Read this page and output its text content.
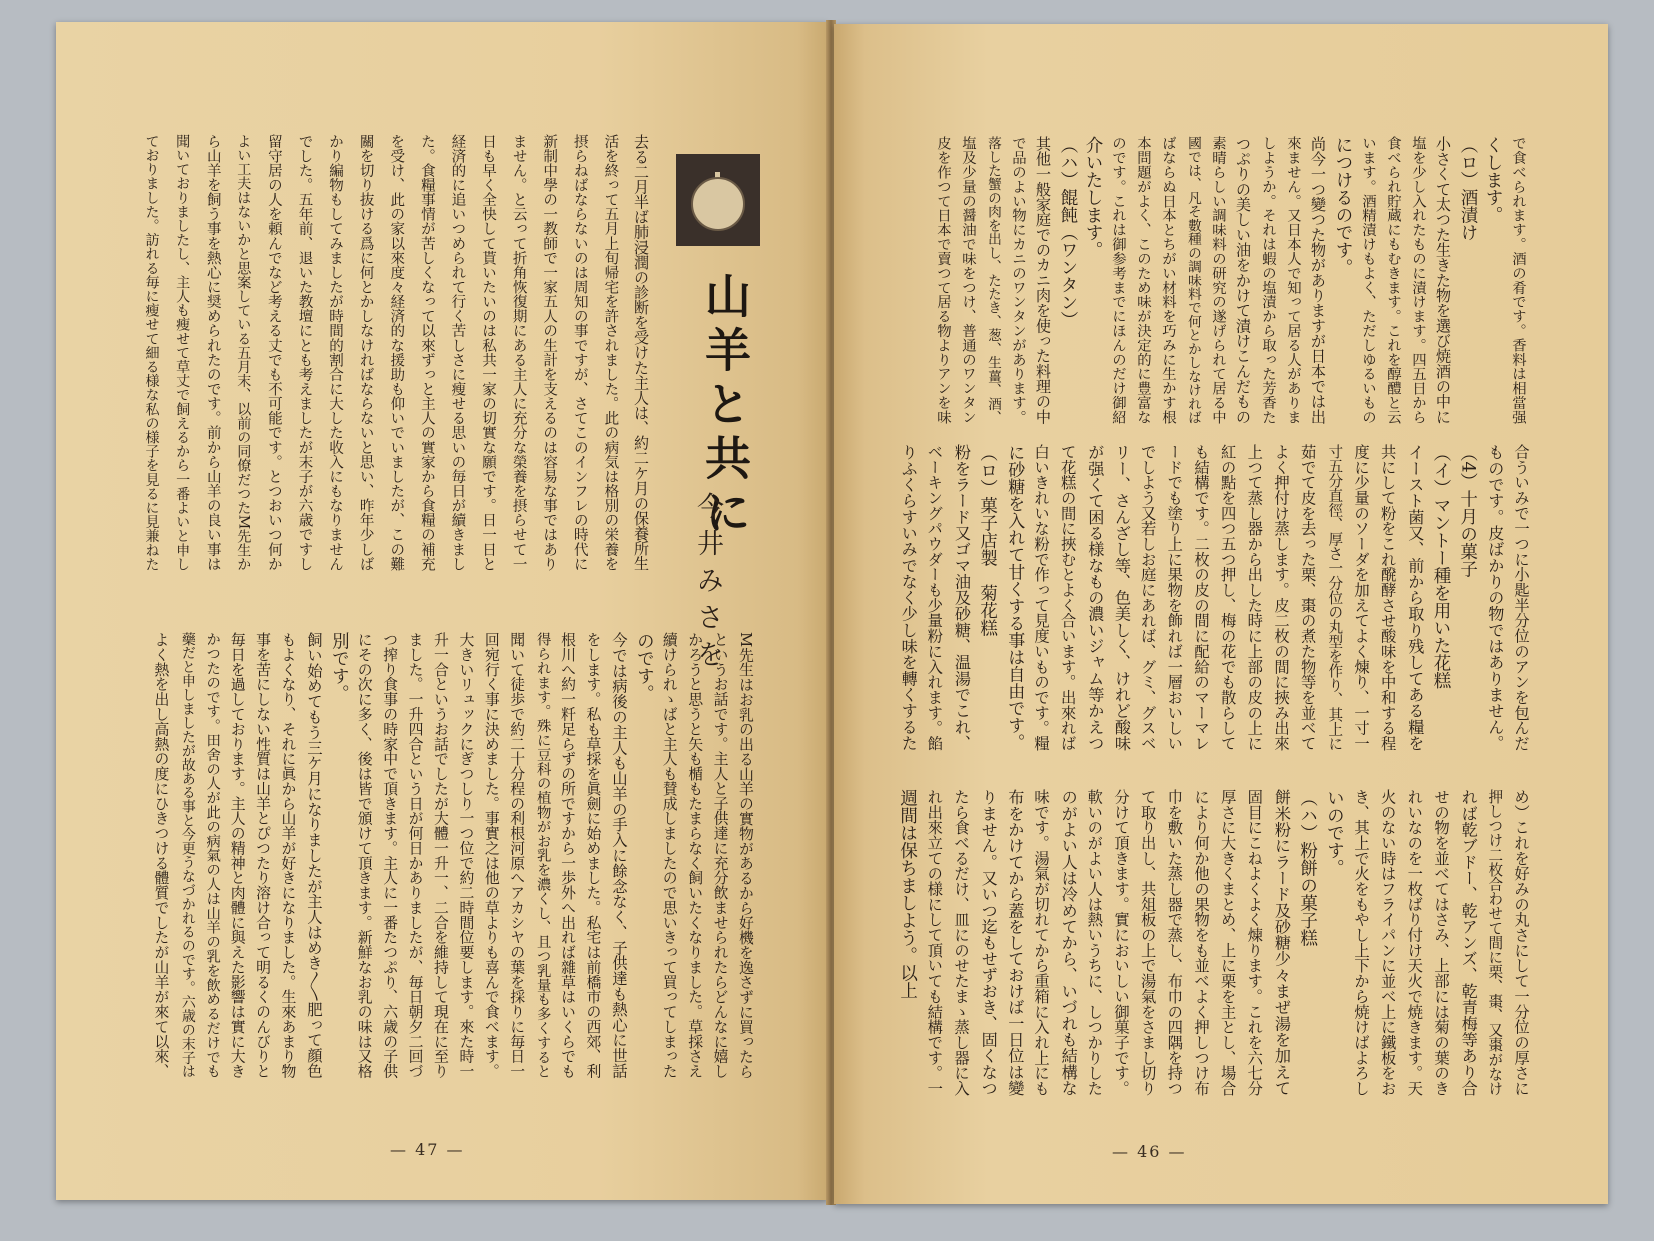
山羊と共に
今井みさを
去る二月半ば肺浸潤の診断を受けた主人は、約二ケ月の保養所生
活を終って五月上旬帰宅を許されました。此の病気は格別の栄養を
摂らねばならないのは周知の事ですが、さてこのインフレの時代に
新制中學の一教師で一家五人の生計を支えるのは容易な事ではあり
ません。と云って折角恢復期にある主人に充分な榮養を摂らせて一
日も早く全快して貰いたいのは私共一家の切實な願です。日一日と
経済的に追いつめられて行く苦しさに瘦せる思いの毎日が續きまし
た。食糧事情が苦しくなって以來ずっと主人の實家から食糧の補充
を受け、此の家以來度々経済的な援助も仰いでいましたが、この難
關を切り抜ける爲に何とかしなければならないと思い、昨年少しば
かり編物もしてみましたが時間的割合に大した收入にもなりません
でした。五年前、退いた教壇にとも考えましたが末子が六歳ですし
留守居の人を頼んでなど考える丈でも不可能です。とつおいつ何か
よい工夫はないかと思案している五月末、以前の同僚だつたM先生か
ら山羊を飼う事を熱心に奨められたのです。前から山羊の良い事は
聞いておりましたし、主人も瘦せて草丈で飼えるから一番よいと申し
ておりました。訪れる毎に瘦せて細る様な私の様子を見るに見兼ねた
M先生はお乳の出る山羊の實物があるから好機を逸さずに買ったら
というお話です。主人と子供達に充分飲ませられたらどんなに嬉し
かろうと思うと矢も楯もたまらなく飼いたくなりました。草採さえ
續けられゝばと主人も賛成しましたので思いきって買ってしまった
のです。
今では病後の主人も山羊の手入に餘念なく、子供達も熱心に世話
をします。私も草採を眞劍に始めました。私宅は前橋市の西郊、利
根川へ約一粁足らずの所ですから一歩外へ出れば雜草はいくらでも
得られます。殊に豆科の植物がお乳を濃くし、且つ乳量も多くすると
聞いて徒歩で約二十分程の利根河原へアカシヤの葉を採りに毎日一
回宛行く事に決めました。事實之は他の草よりも喜んで食べます。
大きいリュックにぎつしり一つ位で約二時間位要します。來た時一
升一合というお話でしたが大體一升一、二合を維持して現在に至り
ました。一升四合という日が何日かありましたが、毎日朝夕二回づ
つ搾り食事の時家中で頂きます。主人に一番たつぷり、六歳の子供
にその次に多く、後は皆で頒けて頂きます。新鮮なお乳の味は又格
別です。
飼い始めてもう三ケ月になりましたが主人はめき〳〵肥って顔色
もよくなり、それに眞から山羊が好きになりました。生來あまり物
事を苦にしない性質は山羊とぴつたり溶け合って明るくのんびりと
毎日を過しております。主人の精神と肉體に與えた影響は實に大き
かつたのです。田舍の人が此の病氣の人は山羊の乳を飲めるだけでも
藥だと申しましたが故ある事と今更うなづかれるのです。六歳の末子は
よく熱を出し高熱の度にひきつける體質でしたが山羊が來て以來、
— 47 —
で食べられます。酒の肴です。香料は相當强
くします。
（ロ）酒漬け
小さくて太つた生きた物を選び焼酒の中に
塩を少し入れたものに漬けます。四五日から
食べられ貯蔵にもむきます。これを醇醴と云
います。酒精漬けもよく、ただしゆるいもの
につけるのです。
尚今一つ變つた物がありますが日本では出
來ません。又日本人で知って居る人がありま
しようか。それは蝦の塩漬から取った芳香た
つぷりの美しい油をかけて漬けこんだもの
素晴らしい調味料の研究の遂げられて居る中
國では、凡そ數種の調味料で何とかしなければ
ばならぬ日本とちがい材料を巧みに生かす根
本問題がよく、このため味が決定的に豊富な
のです。これは御参考までにほんのだけ御紹
介いたします。
（ハ）餛飩（ワンタン）
其他一般家庭でのカニ肉を使った料理の中
で品のよい物にカニのワンタンがあります。
落した蟹の肉を出し、たたき、葱、生薑、酒、
塩及少量の醤油で味をつけ、普通のワンタン
皮を作つて日本で賣つて居る物よりアンを味
合ういみで一つに小匙半分位のアンを包んだ
ものです。皮ばかりの物ではありません。
（4）十月の菓子
（イ）マントー種を用いた花糕
イースト菌又、前から取り残してある糧を
共にして粉をこれ醗酵させ酸味を中和する程
度に少量のソーダを加えてよく煉り、一寸一
寸五分直徑、厚さ一分位の丸型を作り、其上に
茹でて皮を去った栗、棗の煮た物等を並べて
よく押付け蒸します。皮二枚の間に挾み出來
上つて蒸し器から出した時に上部の皮の上に
紅の點を四つ五つ押し、梅の花でも散らして
も結構です。二枚の皮の間に配給のマーマレ
ードでも塗り上に果物を飾れば一層おいしい
でしよう又若しお庭にあれば、グミ、グスベ
リー、さんざし等、色美しく、けれど酸味
が强くて困る様なもの濃いジャム等かえつ
て花糕の間に挾むとよく合います。出來れば
白いきれいな粉で作って見度いものです。糧
に砂糖を入れて甘くする事は自由です。
（ロ）菓子店製　菊花糕
粉をラード又ゴマ油及砂糖、温湯でこれ、
ベーキングパウダーも少量粉に入れます。餡
りふくらすいみでなく少し味を轉くするた
め）これを好みの丸さにして一分位の厚さに
押しつけ二枚合わせて間に栗、棗、又棗がなけ
れば乾ブドー、乾アンズ、乾青梅等あり合
せの物を並べてはさみ、上部には菊の葉のき
れいなのを一枚ばり付け天火で焼きます。天
火のない時はフライパンに並べ上に鐵板をお
き、其上で火をもやし上下から焼けばよろし
いのです。
（ハ）粉餅の菓子糕
餅米粉にラード及砂糖少々まぜ湯を加えて
固目にこねよくよく煉ります。これを六七分
厚さに大きくまとめ、上に栗を主とし、場合
により何か他の果物をも並べよく押しつけ布
巾を敷いた蒸し器で蒸し、布巾の四隅を持つ
て取り出し、共俎板の上で湯氣をさまし切り
分けて頂きます。實においしい御菓子です。
軟いのがよい人は熱いうちに、しつかりした
のがよい人は冷めてから、いづれも結構な
味です。湯氣が切れてから重箱に入れ上にも
布をかけてから蓋をしておけば一日位は變
りません。又いつ迄もせずおき、固くなつ
たら食べるだけ、皿にのせたまゝ蒸し器に入
れ出來立ての様にして頂いても結構です。一
週間は保ちましよう。以上
— 46 —
